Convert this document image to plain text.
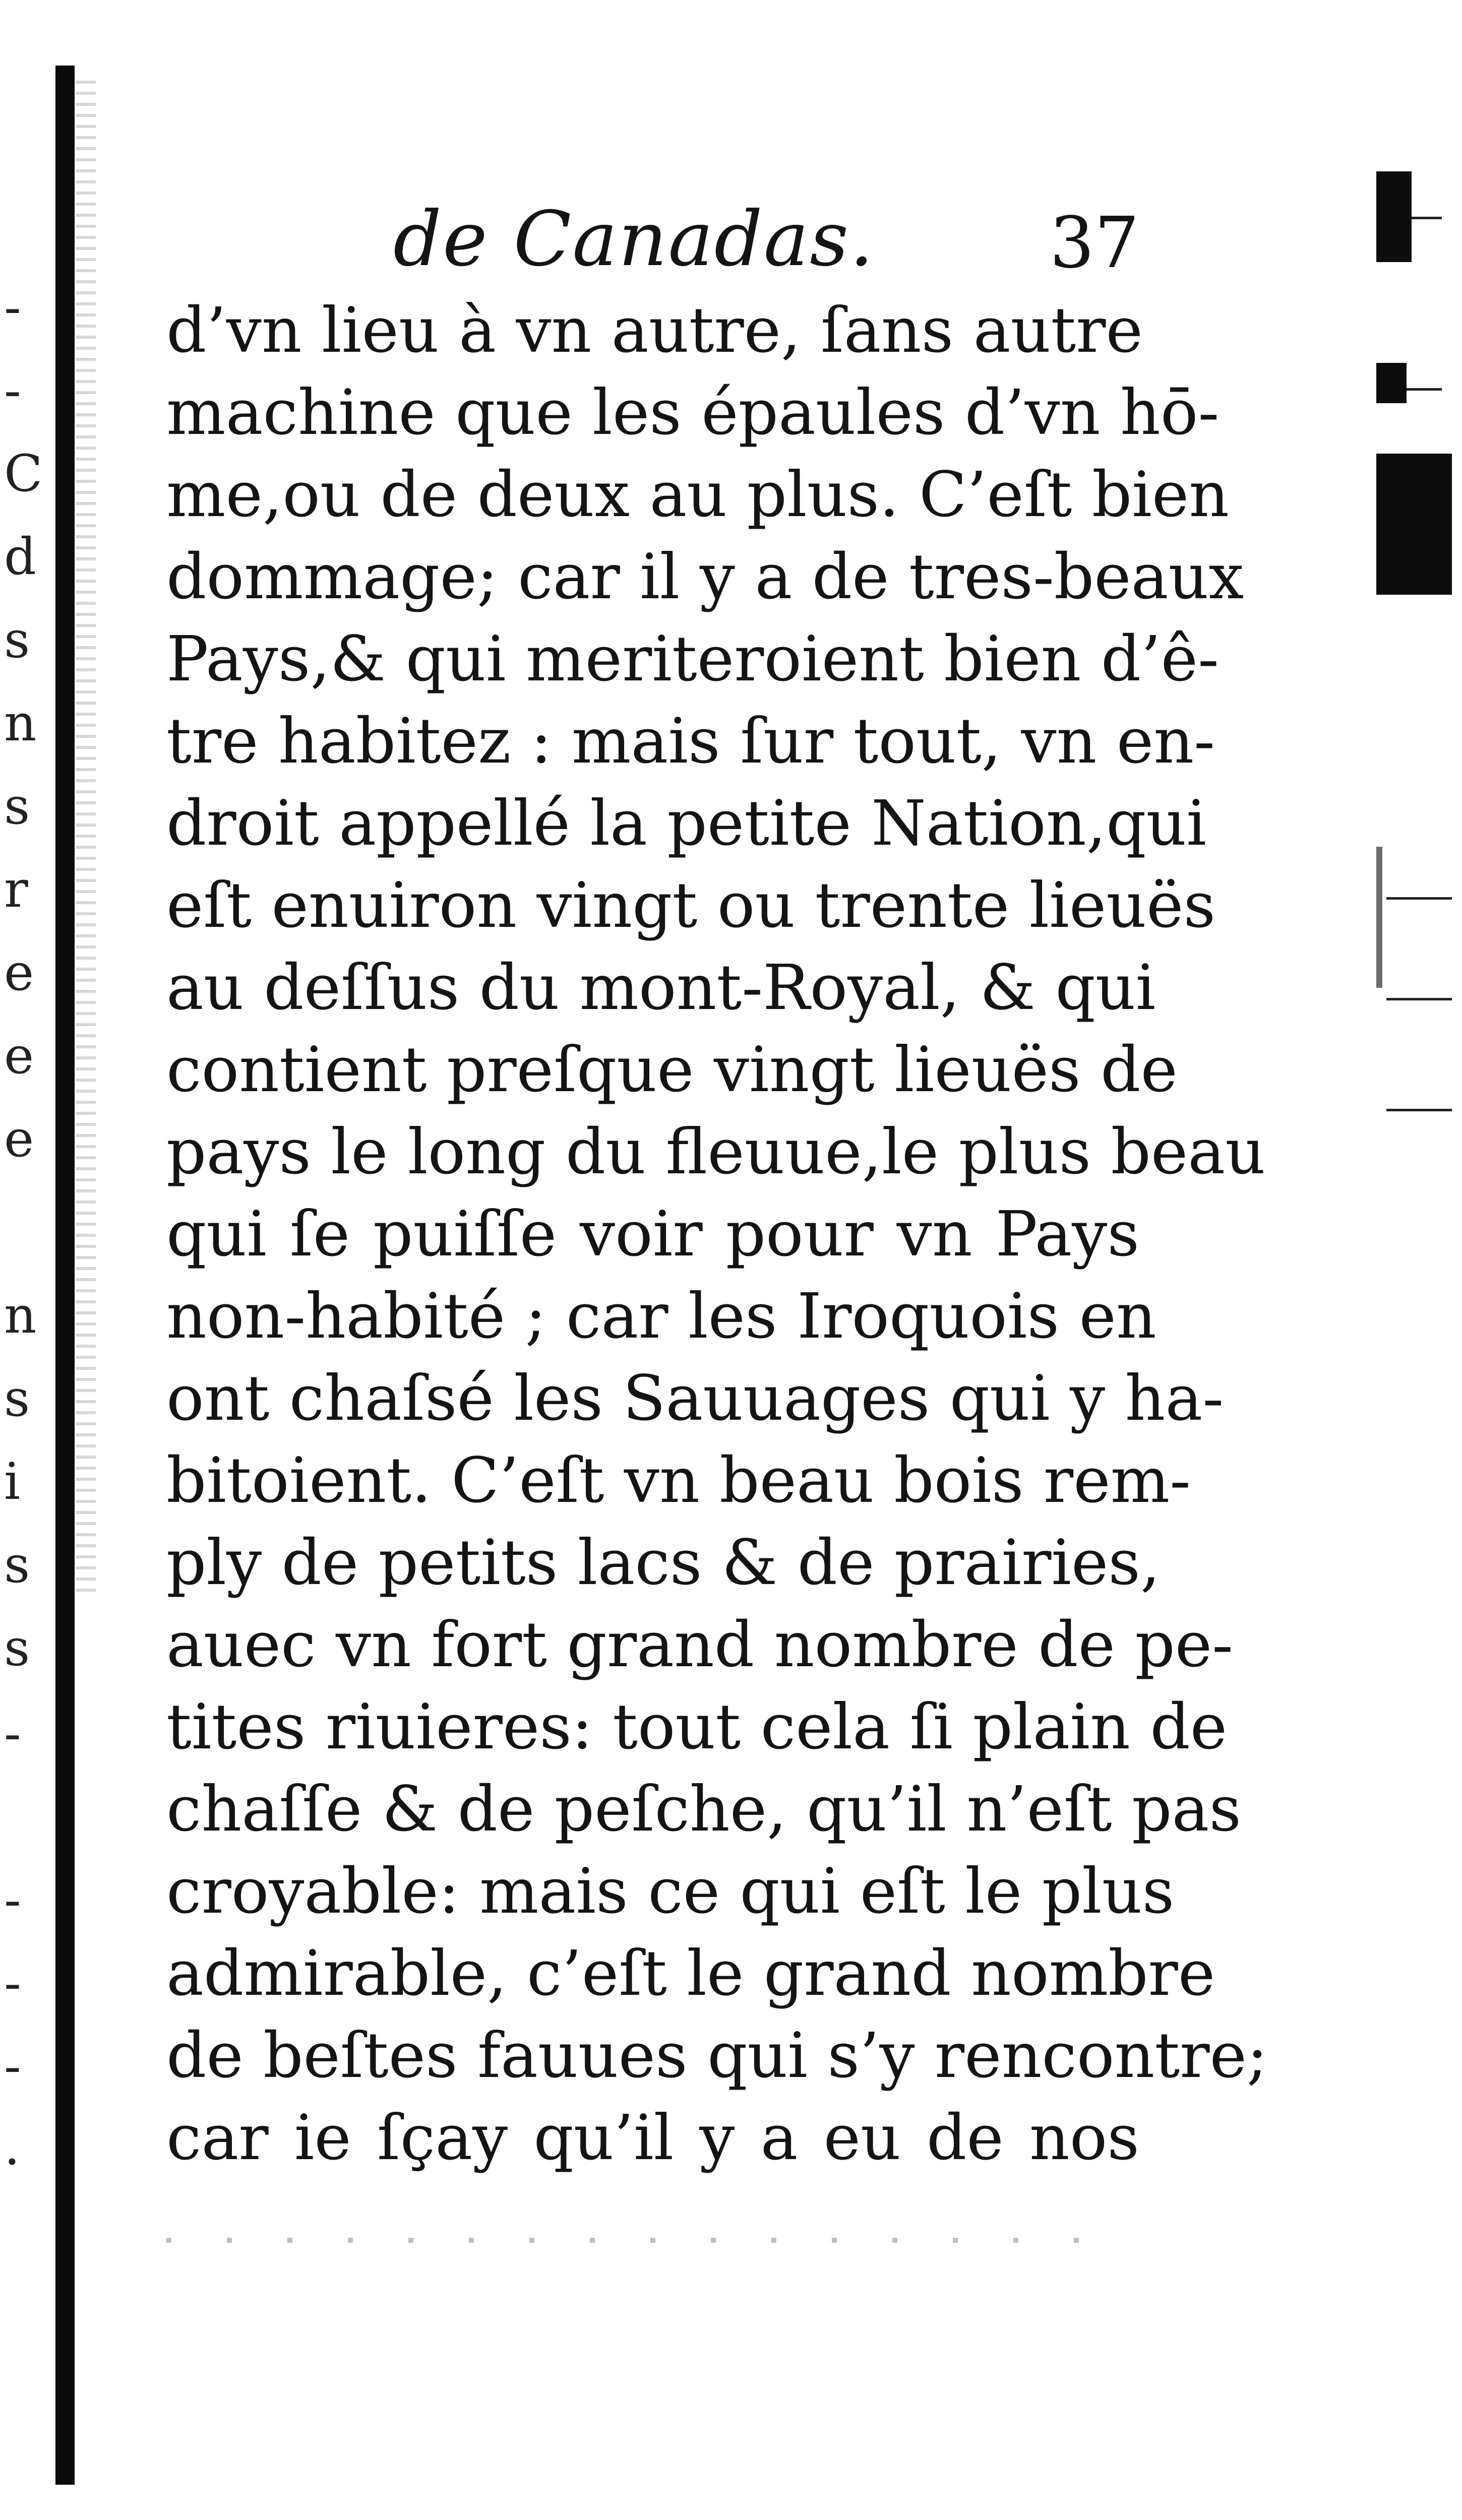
-
-
C
d
s
n
s
r
e
e
e
n
s
i
s
s
-
-
-
-
.
de Canadas. 37
d’vn lieu à vn autre, ſans autre
machine que les épaules d’vn hō-
me,ou de deux au plus. C’eſt bien
dommage; car il y a de tres-beaux
Pays,& qui meriteroient bien d’ê-
tre habitez : mais ſur tout, vn en-
droit appellé la petite Nation,qui
eſt enuiron vingt ou trente lieuës
au deſſus du mont-Royal, & qui
contient preſque vingt lieuës de
pays le long du fleuue,le plus beau
qui ſe puiſſe voir pour vn Pays
non-habité ; car les Iroquois en
ont chaſsé les Sauuages qui y ha-
bitoient. C’eſt vn beau bois rem-
ply de petits lacs & de prairies,
auec vn fort grand nombre de pe-
tites riuieres: tout cela ſi plain de
chaſſe & de peſche, qu’il n’eſt pas
croyable: mais ce qui eſt le plus
admirable, c’eſt le grand nombre
de beſtes fauues qui s’y rencontre;
car ie ſçay qu’il y a eu de nos
